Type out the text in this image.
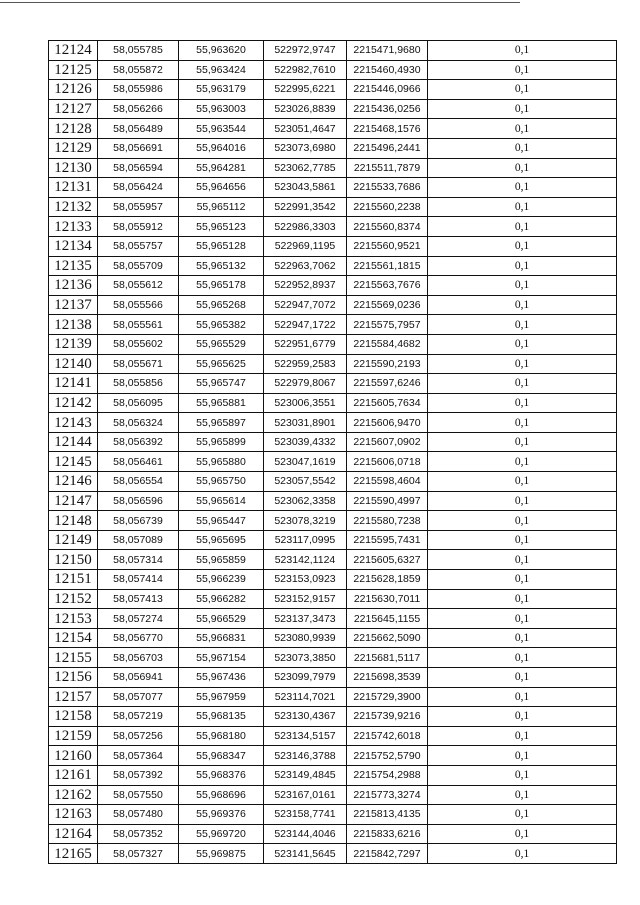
12124	58,055785	55,963620	522972,9747	2215471,9680	0,1
12125	58,055872	55,963424	522982,7610	2215460,4930	0,1
12126	58,055986	55,963179	522995,6221	2215446,0966	0,1
12127	58,056266	55,963003	523026,8839	2215436,0256	0,1
12128	58,056489	55,963544	523051,4647	2215468,1576	0,1
12129	58,056691	55,964016	523073,6980	2215496,2441	0,1
12130	58,056594	55,964281	523062,7785	2215511,7879	0,1
12131	58,056424	55,964656	523043,5861	2215533,7686	0,1
12132	58,055957	55,965112	522991,3542	2215560,2238	0,1
12133	58,055912	55,965123	522986,3303	2215560,8374	0,1
12134	58,055757	55,965128	522969,1195	2215560,9521	0,1
12135	58,055709	55,965132	522963,7062	2215561,1815	0,1
12136	58,055612	55,965178	522952,8937	2215563,7676	0,1
12137	58,055566	55,965268	522947,7072	2215569,0236	0,1
12138	58,055561	55,965382	522947,1722	2215575,7957	0,1
12139	58,055602	55,965529	522951,6779	2215584,4682	0,1
12140	58,055671	55,965625	522959,2583	2215590,2193	0,1
12141	58,055856	55,965747	522979,8067	2215597,6246	0,1
12142	58,056095	55,965881	523006,3551	2215605,7634	0,1
12143	58,056324	55,965897	523031,8901	2215606,9470	0,1
12144	58,056392	55,965899	523039,4332	2215607,0902	0,1
12145	58,056461	55,965880	523047,1619	2215606,0718	0,1
12146	58,056554	55,965750	523057,5542	2215598,4604	0,1
12147	58,056596	55,965614	523062,3358	2215590,4997	0,1
12148	58,056739	55,965447	523078,3219	2215580,7238	0,1
12149	58,057089	55,965695	523117,0995	2215595,7431	0,1
12150	58,057314	55,965859	523142,1124	2215605,6327	0,1
12151	58,057414	55,966239	523153,0923	2215628,1859	0,1
12152	58,057413	55,966282	523152,9157	2215630,7011	0,1
12153	58,057274	55,966529	523137,3473	2215645,1155	0,1
12154	58,056770	55,966831	523080,9939	2215662,5090	0,1
12155	58,056703	55,967154	523073,3850	2215681,5117	0,1
12156	58,056941	55,967436	523099,7979	2215698,3539	0,1
12157	58,057077	55,967959	523114,7021	2215729,3900	0,1
12158	58,057219	55,968135	523130,4367	2215739,9216	0,1
12159	58,057256	55,968180	523134,5157	2215742,6018	0,1
12160	58,057364	55,968347	523146,3788	2215752,5790	0,1
12161	58,057392	55,968376	523149,4845	2215754,2988	0,1
12162	58,057550	55,968696	523167,0161	2215773,3274	0,1
12163	58,057480	55,969376	523158,7741	2215813,4135	0,1
12164	58,057352	55,969720	523144,4046	2215833,6216	0,1
12165	58,057327	55,969875	523141,5645	2215842,7297	0,1
